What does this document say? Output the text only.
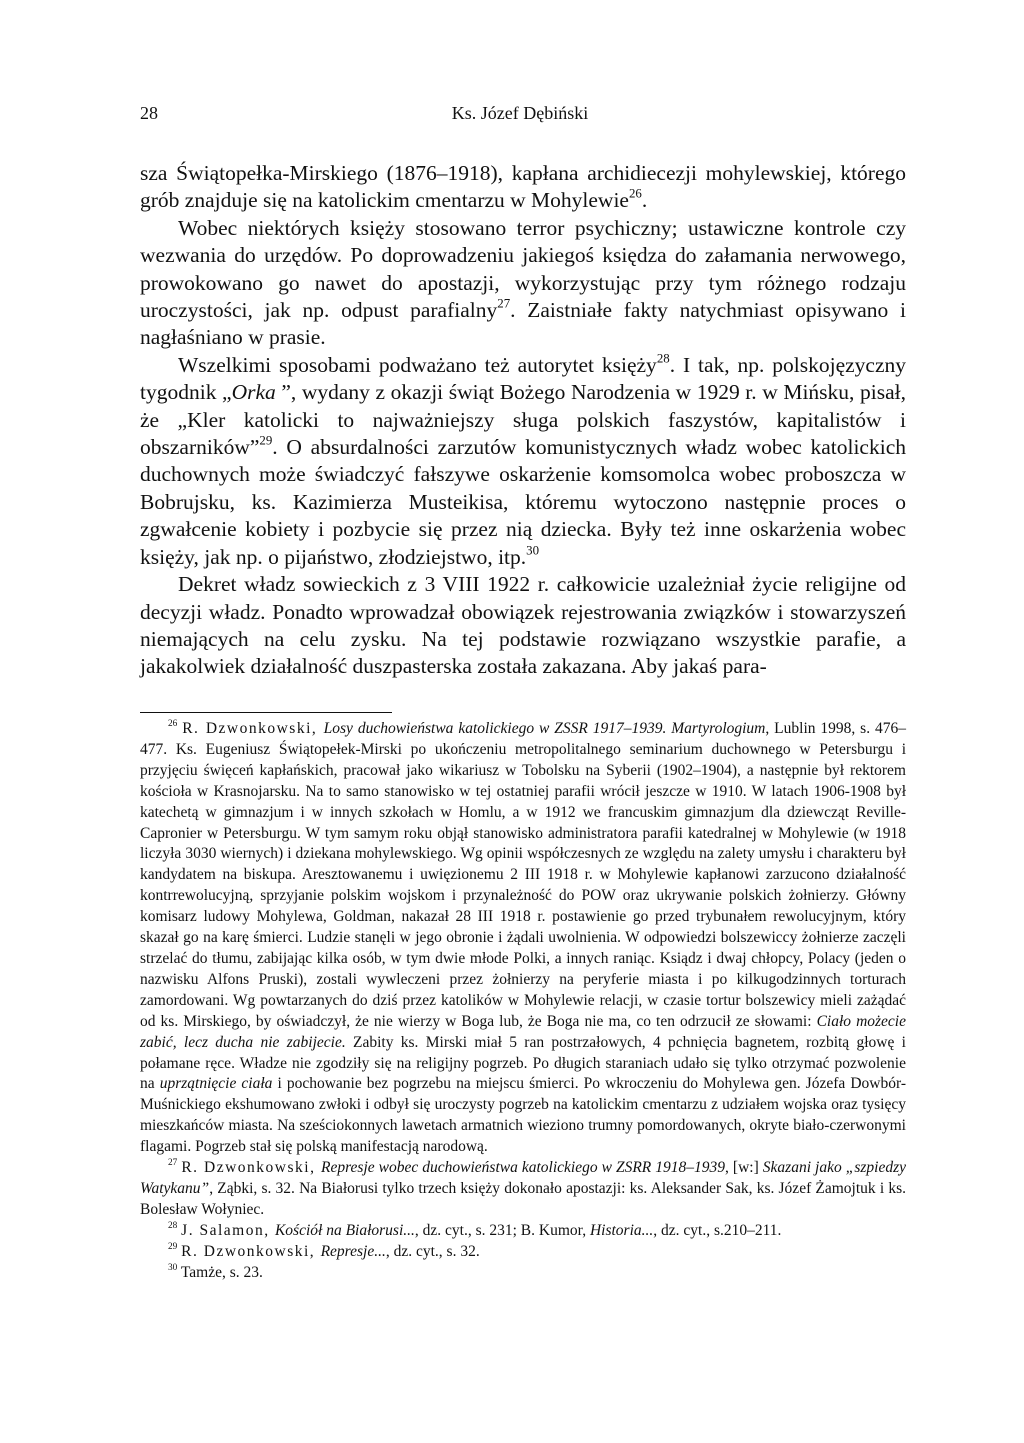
28	Ks. Józef Dębiński

sza Świątopełka-Mirskiego (1876–1918), kapłana archidiecezji mohylewskiej, którego grób znajduje się na katolickim cmentarzu w Mohylewie$^{26}$.

Wobec niektórych księży stosowano terror psychiczny; ustawiczne kontrole czy wezwania do urzędów. Po doprowadzeniu jakiegoś księdza do załamania nerwowego, prowokowano go nawet do apostazji, wykorzystując przy tym różnego rodzaju uroczystości, jak np. odpust parafialny$^{27}$. Zaistniałe fakty natychmiast opisywano i nagłaśniano w prasie.

Wszelkimi sposobami podważano też autorytet księży$^{28}$. I tak, np. polskojęzyczny tygodnik „Orka ”, wydany z okazji świąt Bożego Narodzenia w 1929 r. w Mińsku, pisał, że „Kler katolicki to najważniejszy sługa polskich faszystów, kapitalistów i obszarników”$^{29}$. O absurdalności zarzutów komunistycznych władz wobec katolickich duchownych może świadczyć fałszywe oskarżenie komsomolca wobec proboszcza w Bobrujsku, ks. Kazimierza Musteikisa, któremu wytoczono następnie proces o zgwałcenie kobiety i pozbycie się przez nią dziecka. Były też inne oskarżenia wobec księży, jak np. o pijaństwo, złodziejstwo, itp.$^{30}$

Dekret władz sowieckich z 3 VIII 1922 r. całkowicie uzależniał życie religijne od decyzji władz. Ponadto wprowadzał obowiązek rejestrowania związków i stowarzyszeń niemających na celu zysku. Na tej podstawie rozwiązano wszystkie parafie, a jakakolwiek działalność duszpasterska została zakazana. Aby jakaś para-

$^{26}$ R. Dzwonkowski, Losy duchowieństwa katolickiego w ZSSR 1917–1939. Martyrologium, Lublin 1998, s. 476–477. Ks. Eugeniusz Świątopełek-Mirski po ukończeniu metropolitalnego seminarium duchownego w Petersburgu i przyjęciu święceń kapłańskich, pracował jako wikariusz w Tobolsku na Syberii (1902–1904), a następnie był rektorem kościoła w Krasnojarsku. Na to samo stanowisko w tej ostatniej parafii wrócił jeszcze w 1910. W latach 1906-1908 był katechetą w gimnazjum i w innych szkołach w Homlu, a w 1912 we francuskim gimnazjum dla dziewcząt Reville-Capronier w Petersburgu. W tym samym roku objął stanowisko administratora parafii katedralnej w Mohylewie (w 1918 liczyła 3030 wiernych) i dziekana mohylewskiego. Wg opinii współczesnych ze względu na zalety umysłu i charakteru był kandydatem na biskupa. Aresztowanemu i uwięzionemu 2 III 1918 r. w Mohylewie kapłanowi zarzucono działalność kontrrewolucyjną, sprzyjanie polskim wojskom i przynależność do POW oraz ukrywanie polskich żołnierzy. Główny komisarz ludowy Mohylewa, Goldman, nakazał 28 III 1918 r. postawienie go przed trybunałem rewolucyjnym, który skazał go na karę śmierci. Ludzie stanęli w jego obronie i żądali uwolnienia. W odpowiedzi bolszewiccy żołnierze zaczęli strzelać do tłumu, zabijając kilka osób, w tym dwie młode Polki, a innych raniąc. Ksiądz i dwaj chłopcy, Polacy (jeden o nazwisku Alfons Pruski), zostali wywleczeni przez żołnierzy na peryferie miasta i po kilkugodzinnych torturach zamordowani. Wg powtarzanych do dziś przez katolików w Mohylewie relacji, w czasie tortur bolszewicy mieli zażądać od ks. Mirskiego, by oświadczył, że nie wierzy w Boga lub, że Boga nie ma, co ten odrzucił ze słowami: Ciało możecie zabić, lecz ducha nie zabijecie. Zabity ks. Mirski miał 5 ran postrzałowych, 4 pchnięcia bagnetem, rozbitą głowę i połamane ręce. Władze nie zgodziły się na religijny pogrzeb. Po długich staraniach udało się tylko otrzymać pozwolenie na uprzątnięcie ciała i pochowanie bez pogrzebu na miejscu śmierci. Po wkroczeniu do Mohylewa gen. Józefa Dowbór-Muśnickiego ekshumowano zwłoki i odbył się uroczysty pogrzeb na katolickim cmentarzu z udziałem wojska oraz tysięcy mieszkańców miasta. Na sześciokonnych lawetach armatnich wieziono trumny pomordowanych, okryte biało-czerwonymi flagami. Pogrzeb stał się polską manifestacją narodową.

$^{27}$ R. Dzwonkowski, Represje wobec duchowieństwa katolickiego w ZSRR 1918–1939, [w:] Skazani jako „szpiedzy Watykanu”, Ząbki, s. 32. Na Białorusi tylko trzech księży dokonało apostazji: ks. Aleksander Sak, ks. Józef Żamojtuk i ks. Bolesław Wołyniec.

$^{28}$ J. Salamon, Kościół na Białorusi..., dz. cyt., s. 231; B. Kumor, Historia..., dz. cyt., s.210–211.

$^{29}$ R. Dzwonkowski, Represje..., dz. cyt., s. 32.

$^{30}$ Tamże, s. 23.
